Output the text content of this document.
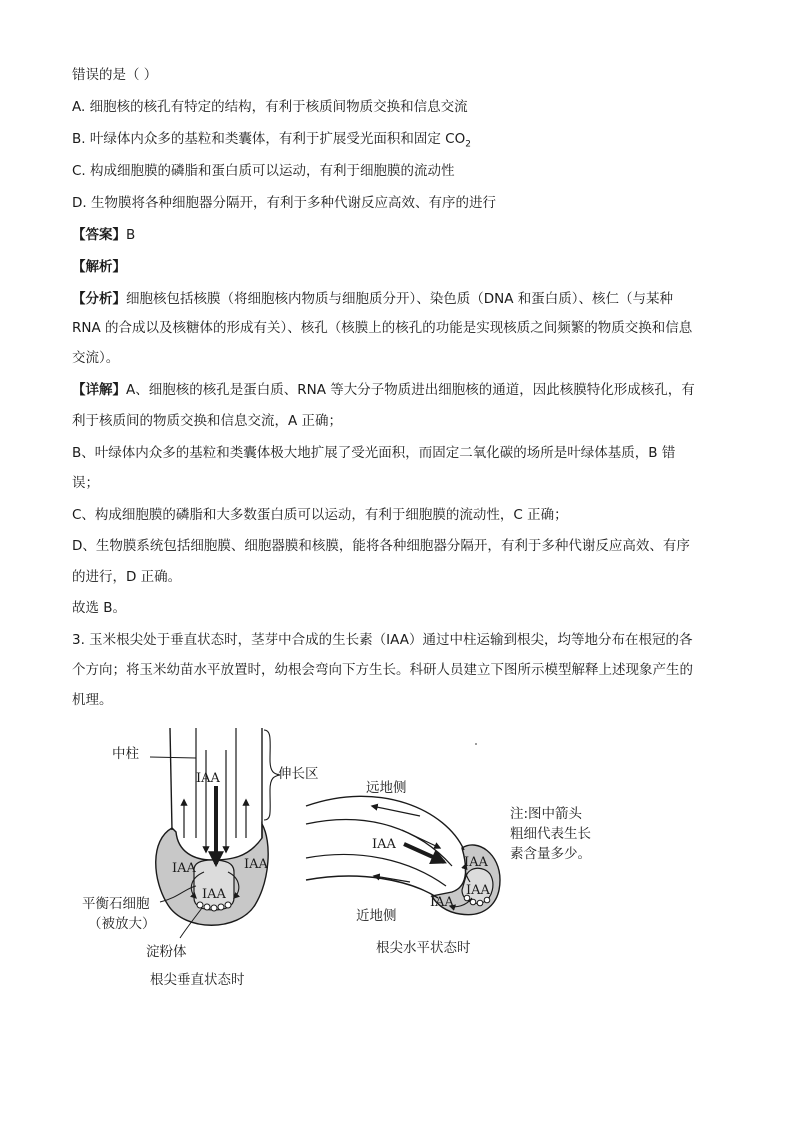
错误的是（ ）
A. 细胞核的核孔有特定的结构，有利于核质间物质交换和信息交流
B. 叶绿体内众多的基粒和类囊体，有利于扩展受光面积和固定 $CO_2$
C. 构成细胞膜的磷脂和蛋白质可以运动，有利于细胞膜的流动性
D. 生物膜将各种细胞器分隔开，有利于多种代谢反应高效、有序的进行
【答案】B
【解析】
【分析】细胞核包括核膜（将细胞核内物质与细胞质分开）、染色质（DNA 和蛋白质）、核仁（与某种
RNA 的合成以及核糖体的形成有关）、核孔（核膜上的核孔的功能是实现核质之间频繁的物质交换和信息
交流）。
【详解】A、细胞核的核孔是蛋白质、RNA 等大分子物质进出细胞核的通道，因此核膜特化形成核孔，有
利于核质间的物质交换和信息交流，A 正确；
B、叶绿体内众多的基粒和类囊体极大地扩展了受光面积，而固定二氧化碳的场所是叶绿体基质，B 错
误；
C、构成细胞膜的磷脂和大多数蛋白质可以运动，有利于细胞膜的流动性，C 正确；
D、生物膜系统包括细胞膜、细胞器膜和核膜，能将各种细胞器分隔开，有利于多种代谢反应高效、有序
的进行，D 正确。
故选 B。
3. 玉米根尖处于垂直状态时，茎芽中合成的生长素（IAA）通过中柱运输到根尖，均等地分布在根冠的各
个方向；将玉米幼苗水平放置时，幼根会弯向下方生长。科研人员建立下图所示模型解释上述现象产生的
机理。
IAA
IAA	IAA
IAA
中柱
伸长区
平衡石细胞
（被放大）
淀粉体
根尖垂直状态时
IAA
IAA
IAA
IAA
远地侧
近地侧
根尖水平状态时
注:图中箭头
粗细代表生长
素含量多少。
